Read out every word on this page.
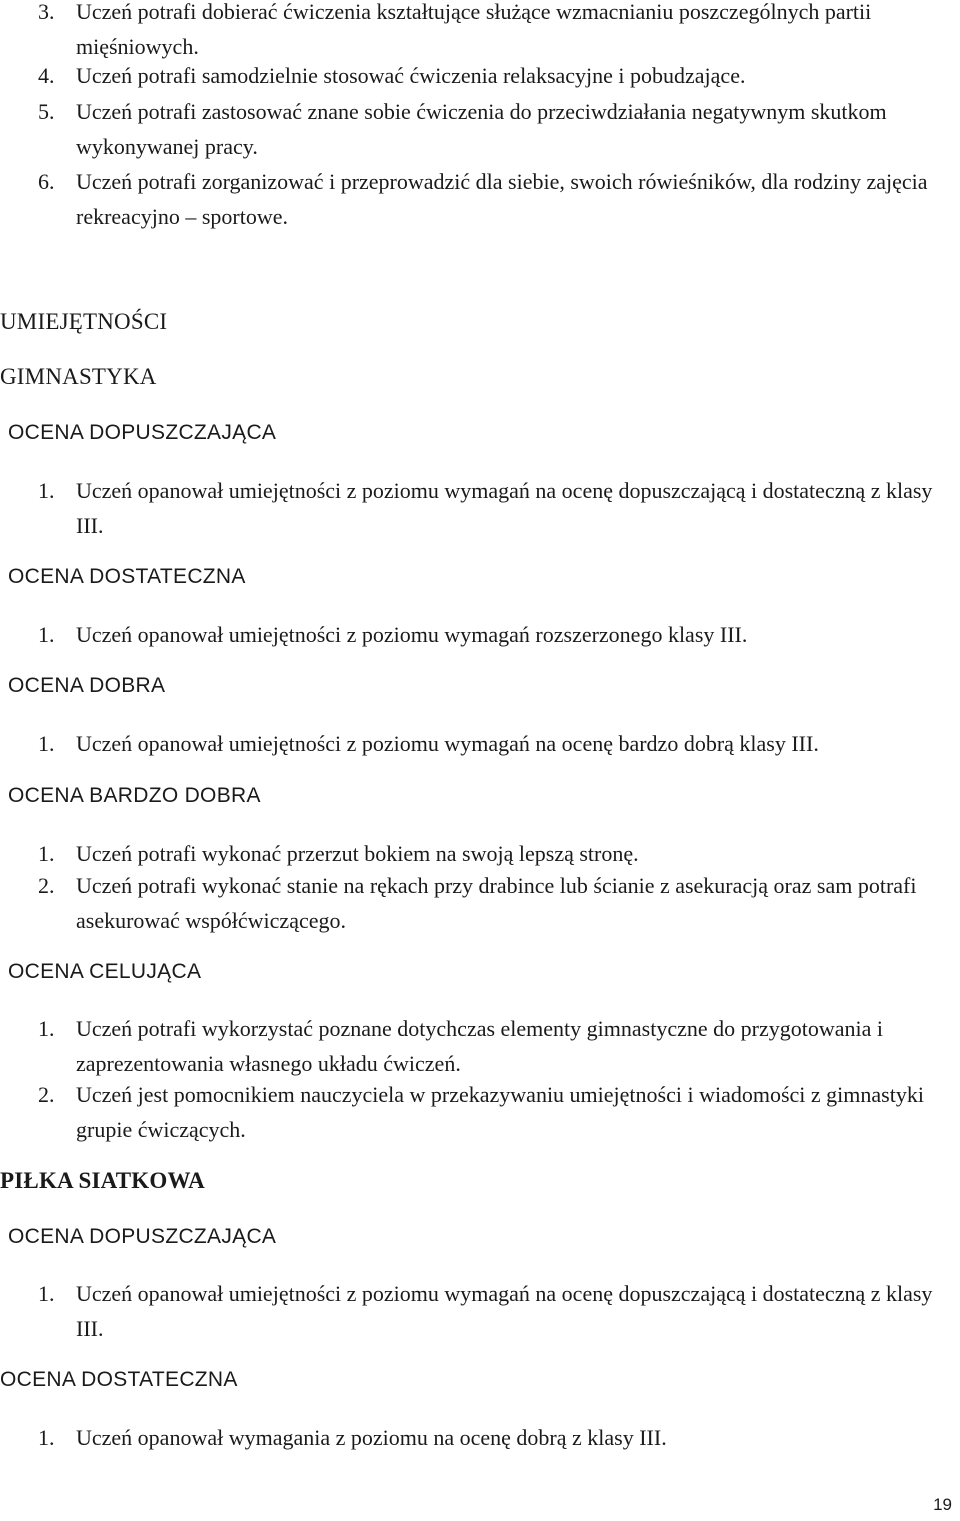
3. Uczeń potrafi dobierać ćwiczenia kształtujące służące wzmacnianiu poszczególnych partii mięśniowych.
4. Uczeń potrafi samodzielnie stosować ćwiczenia relaksacyjne i pobudzające.
5. Uczeń potrafi zastosować znane sobie ćwiczenia do przeciwdziałania negatywnym skutkom wykonywanej pracy.
6. Uczeń potrafi zorganizować i przeprowadzić dla siebie, swoich rówieśników, dla rodziny zajęcia rekreacyjno – sportowe.
UMIEJĘTNOŚCI
GIMNASTYKA
OCENA DOPUSZCZAJĄCA
1. Uczeń opanował umiejętności z poziomu wymagań na ocenę dopuszczającą i dostateczną z klasy III.
OCENA DOSTATECZNA
1. Uczeń opanował umiejętności z poziomu wymagań rozszerzonego klasy III.
OCENA DOBRA
1. Uczeń opanował umiejętności z poziomu wymagań na ocenę bardzo dobrą klasy III.
OCENA BARDZO DOBRA
1. Uczeń potrafi wykonać przerzut bokiem na swoją lepszą stronę.
2. Uczeń potrafi wykonać stanie na rękach przy drabince lub ścianie z asekuracją oraz sam potrafi asekurować współćwiczącego.
OCENA CELUJĄCA
1. Uczeń potrafi wykorzystać poznane dotychczas elementy gimnastyczne do przygotowania i zaprezentowania własnego układu ćwiczeń.
2. Uczeń jest pomocnikiem nauczyciela w przekazywaniu umiejętności i wiadomości z gimnastyki grupie ćwiczących.
PIŁKA SIATKOWA
OCENA DOPUSZCZAJĄCA
1. Uczeń opanował umiejętności z poziomu wymagań na ocenę dopuszczającą i dostateczną z klasy III.
OCENA DOSTATECZNA
1. Uczeń opanował wymagania z poziomu na ocenę dobrą z klasy III.
19
